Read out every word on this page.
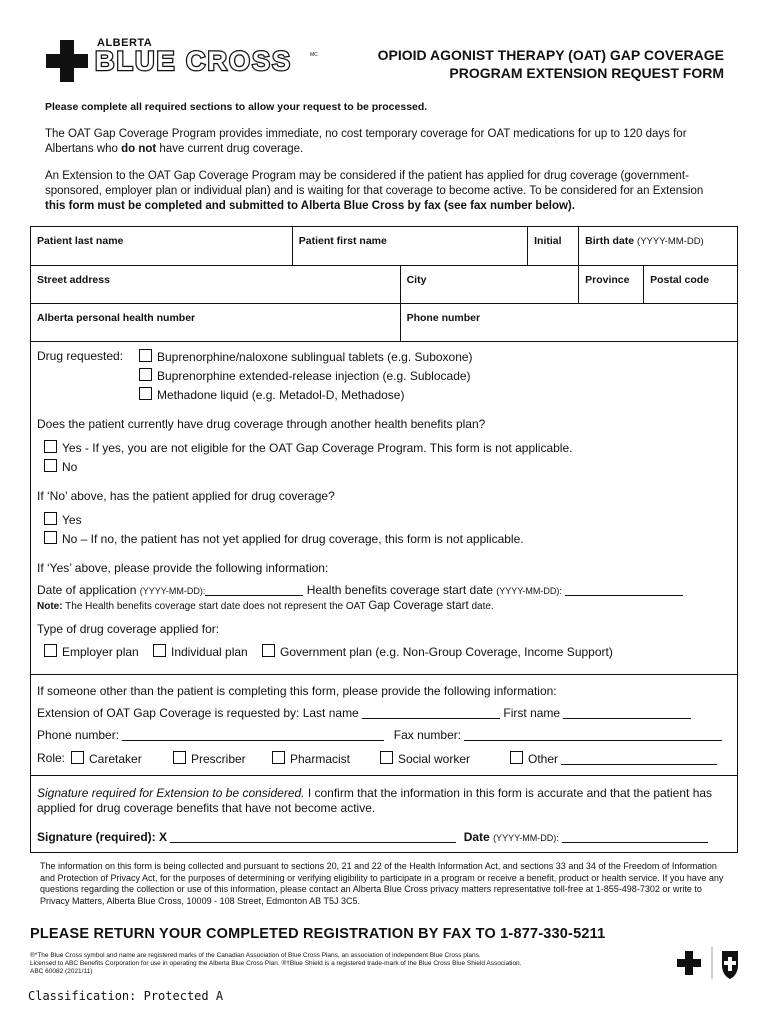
ALBERTA
BLUE CROSS	MC	OPIOID AGONIST THERAPY (OAT) GAP COVERAGE
PROGRAM EXTENSION REQUEST FORM
Please complete all required sections to allow your request to be processed.
The OAT Gap Coverage Program provides immediate, no cost temporary coverage for OAT medications for up to 120 days for Albertans who do not have current drug coverage.
An Extension to the OAT Gap Coverage Program may be considered if the patient has applied for drug coverage (government-sponsored, employer plan or individual plan) and is waiting for that coverage to become active. To be considered for an Extension this form must be completed and submitted to Alberta Blue Cross by fax (see fax number below).
Patient last name	Patient first name		Initial	Birth date (YYYY-MM-DD)	
Street address		City		Province	Postal code
Alberta personal health number		Phone number			
Drug requested:	Buprenorphine/naloxone sublingual tablets (e.g. Suboxone)
Buprenorphine extended-release injection (e.g. Sublocade)
Methadone liquid (e.g. Metadol-D, Methadose)
Does the patient currently have drug coverage through another health benefits plan?
Yes - If yes, you are not eligible for the OAT Gap Coverage Program. This form is not applicable.
No
If ‘No’ above, has the patient applied for drug coverage?
Yes
No – If no, the patient has not yet applied for drug coverage, this form is not applicable.
If ‘Yes’ above, please provide the following information:
Date of application (YYYY-MM-DD):	Health benefits coverage start date (YYYY-MM-DD):
Note: The Health benefits coverage start date does not represent the OAT Gap Coverage start date.
Type of drug coverage applied for:
Employer plan	Individual plan	Government plan (e.g. Non-Group Coverage, Income Support)
If someone other than the patient is completing this form, please provide the following information:
Extension of OAT Gap Coverage is requested by: Last name	First name
Phone number:	Fax number:
Role:	Caretaker	Prescriber	Pharmacist	Social worker	Other
Signature required for Extension to be considered. I confirm that the information in this form is accurate and that the patient has applied for drug coverage benefits that have not become active.
Signature (required): X	Date (YYYY-MM-DD):
The information on this form is being collected and pursuant to sections 20, 21 and 22 of the Health Information Act, and sections 33 and 34 of the Freedom of Information and Protection of Privacy Act, for the purposes of determining or verifying eligibility to participate in a program or receive a benefit, product or health service. If you have any questions regarding the collection or use of this information, please contact an Alberta Blue Cross privacy matters representative toll-free at 1-855-498-7302 or write to Privacy Matters, Alberta Blue Cross, 10009 - 108 Street, Edmonton AB T5J 3C5.
PLEASE RETURN YOUR COMPLETED REGISTRATION BY FAX TO 1-877-330-5211
®*The Blue Cross symbol and name are registered marks of the Canadian Association of Blue Cross Plans, an association of independent Blue Cross plans.
Licensed to ABC Benefits Corporation for use in operating the Alberta Blue Cross Plan. ®†Blue Shield is a registered trade-mark of the Blue Cross Blue Shield Association.
ABC 60082 (2021/11)
Classification: Protected A
